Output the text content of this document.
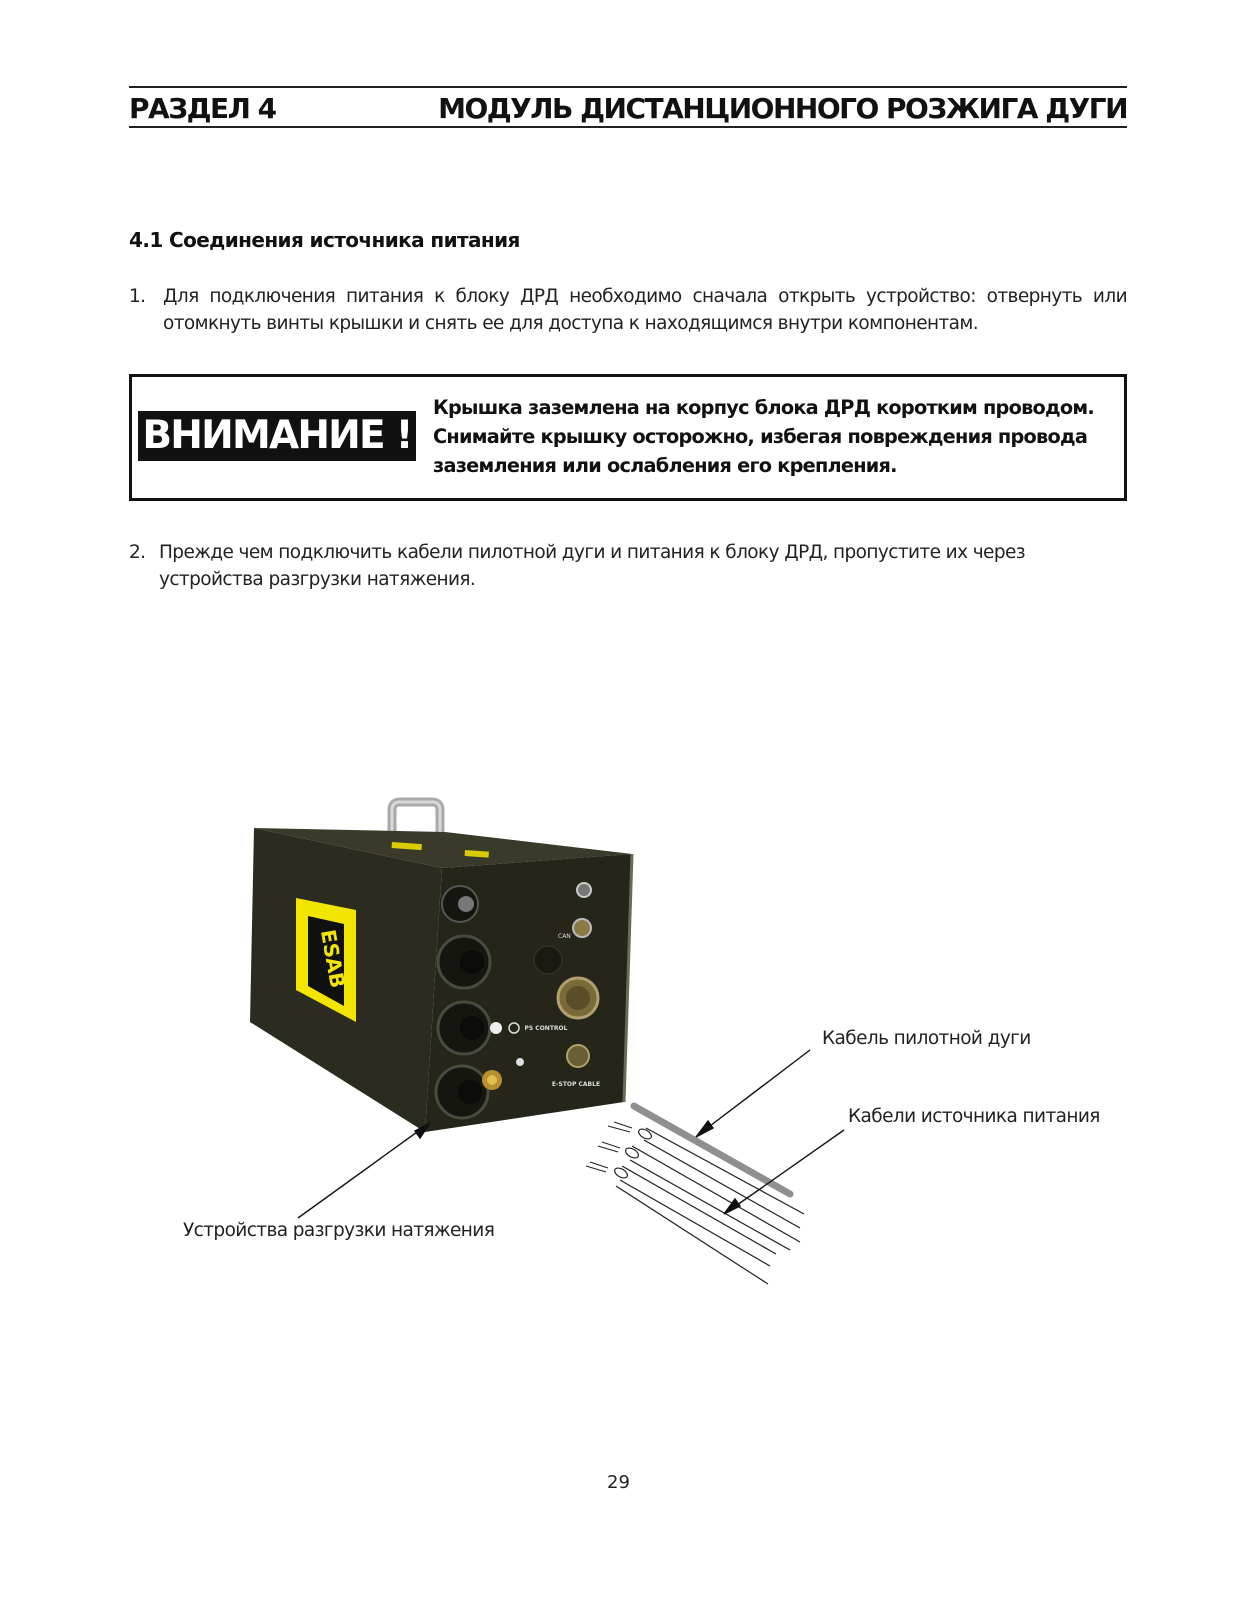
РАЗДЕЛ 4	МОДУЛЬ ДИСТАНЦИОННОГО РОЗЖИГА ДУГИ
4.1 Соединения источника питания
1. Для подключения питания к блоку ДРД необходимо сначала открыть устройство: отвернуть или отомкнуть винты крышки и снять ее для доступа к находящимся внутри компонентам.
ВНИМАНИЕ !
Крышка заземлена на корпус блока ДРД коротким проводом.
Снимайте крышку осторожно, избегая повреждения провода
заземления или ослабления его крепления.
2. Прежде чем подключить кабели пилотной дуги и питания к блоку ДРД, пропустите их через устройства разгрузки натяжения.
ESAB	CAN
PS CONTROL
E-STOP CABLE
Кабель пилотной дуги
Кабели источника питания
Устройства разгрузки натяжения
29
